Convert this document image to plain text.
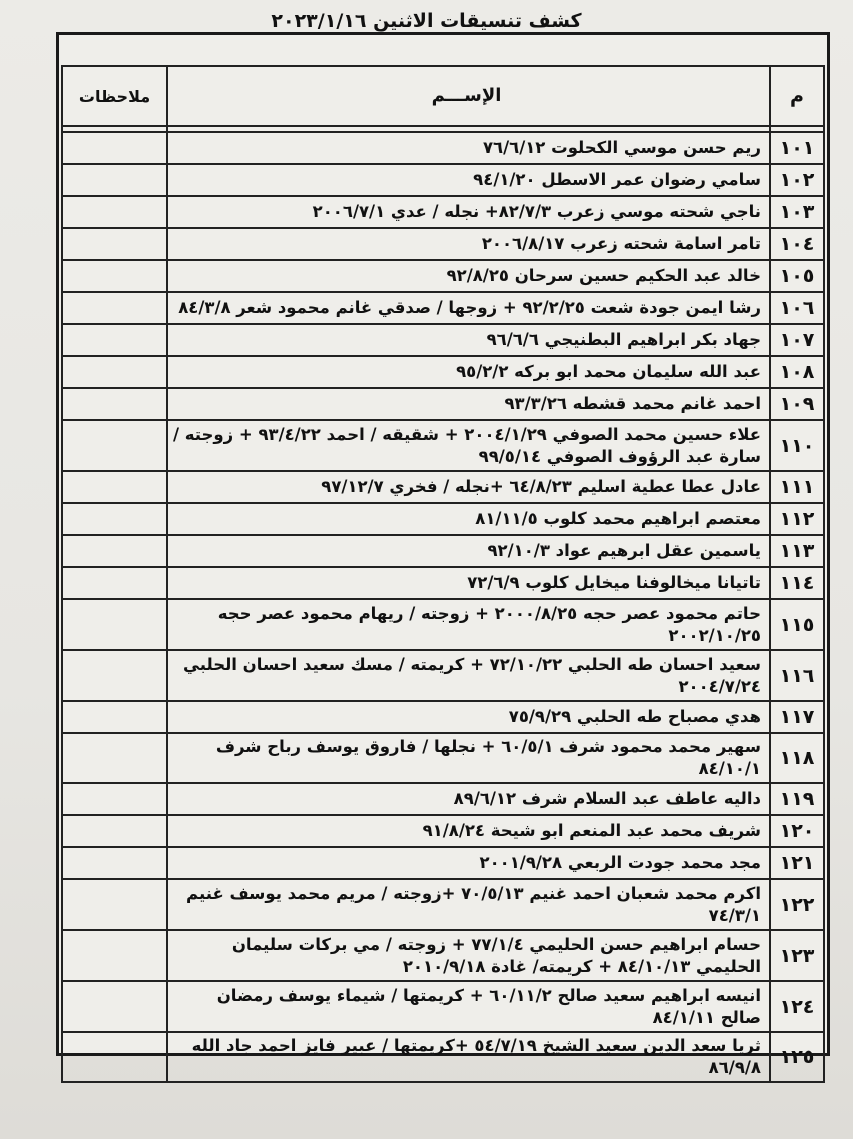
كشف تنسيقات الاثنين ٢٠٢٣/١/١٦
م	الإســـم	ملاحظات

١٠١	ريم حسن موسي الكحلوت ٧٦/٦/١٢	
١٠٢	سامي رضوان عمر الاسطل ٩٤/١/٢٠	
١٠٣	ناجي شحته موسي زعرب ٨٢/٧/٣+ نجله / عدي ٢٠٠٦/٧/١	
١٠٤	تامر اسامة شحته زعرب ٢٠٠٦/٨/١٧	
١٠٥	خالد عبد الحكيم حسين سرحان ٩٢/٨/٢٥	
١٠٦	رشا ايمن جودة شعت ٩٢/٢/٢٥ + زوجها / صدقي غانم محمود شعر ٨٤/٣/٨	
١٠٧	جهاد بكر ابراهيم البطنيجي ٩٦/٦/٦	
١٠٨	عبد الله سليمان محمد ابو بركه ٩٥/٢/٢	
١٠٩	احمد غانم محمد قشطه ٩٣/٣/٢٦	
١١٠	علاء حسين محمد الصوفي ٢٠٠٤/١/٢٩ + شقيقه / احمد ٩٣/٤/٢٢ + زوجته / سارة عبد الرؤوف الصوفي ٩٩/٥/١٤	
١١١	عادل عطا عطية اسليم ٦٤/٨/٢٣ +نجله / فخري ٩٧/١٢/٧	
١١٢	معتصم ابراهيم محمد كلوب ٨١/١١/٥	
١١٣	ياسمين عقل ابرهيم عواد ٩٢/١٠/٣	
١١٤	تاتيانا ميخالوفنا ميخايل كلوب ٧٢/٦/٩	
١١٥	حاتم محمود عصر حجه ٢٠٠٠/٨/٢٥ + زوجته / ريهام محمود عصر حجه ٢٠٠٢/١٠/٢٥	
١١٦	سعيد احسان طه الحلبي ٧٢/١٠/٢٢ + كريمته / مسك سعيد احسان الحلبي ٢٠٠٤/٧/٢٤	
١١٧	هدي مصباح طه الحلبي ٧٥/٩/٢٩	
١١٨	سهير محمد محمود شرف ٦٠/٥/١ + نجلها / فاروق يوسف رباح شرف ٨٤/١٠/١	
١١٩	داليه عاطف عبد السلام شرف ٨٩/٦/١٢	
١٢٠	شريف محمد عبد المنعم ابو شيحة ٩١/٨/٢٤	
١٢١	مجد محمد جودت الربعي ٢٠٠١/٩/٢٨	
١٢٢	اكرم محمد شعبان احمد غنيم ٧٠/٥/١٣ +زوجته / مريم محمد يوسف غنيم ٧٤/٣/١	
١٢٣	حسام ابراهيم حسن الحليمي ٧٧/١/٤ + زوجته / مي بركات سليمان الحليمي ٨٤/١٠/١٣ + كريمته/ غادة ٢٠١٠/٩/١٨	
١٢٤	انيسه ابراهيم سعيد صالح ٦٠/١١/٢ + كريمتها / شيماء يوسف رمضان صالح ٨٤/١/١١	
١٢٥	ثريا سعد الدين سعيد الشيخ ٥٤/٧/١٩ +كريمتها / عبير فايز احمد جاد الله ٨٦/٩/٨	
